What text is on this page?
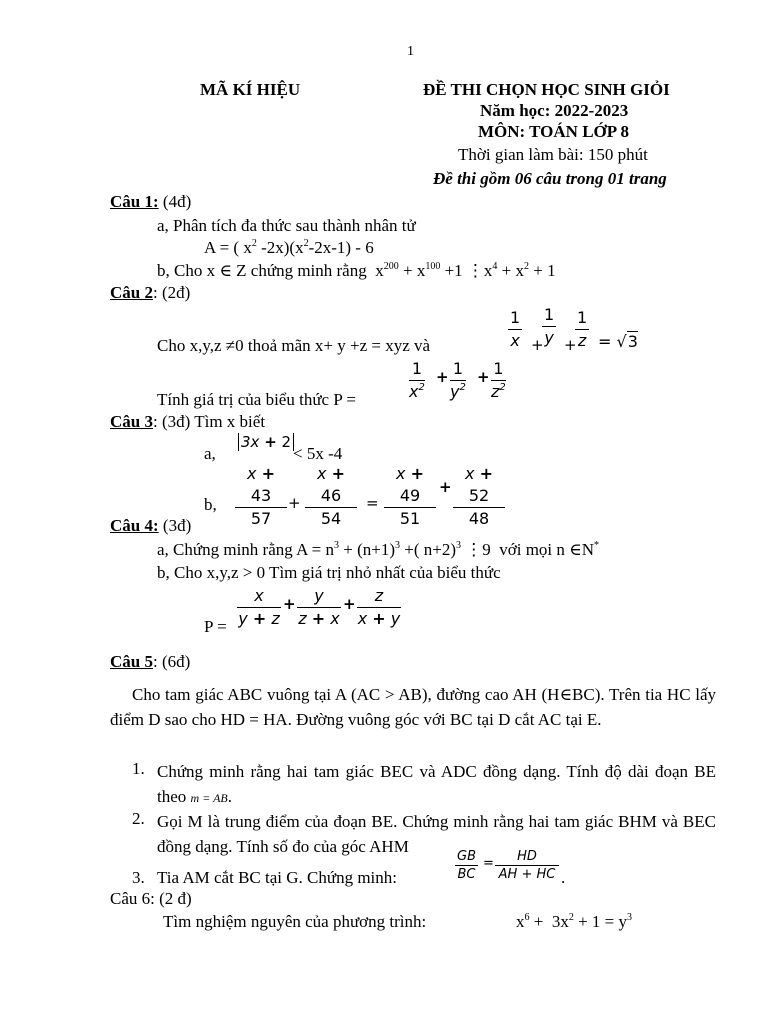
1
MÃ KÍ HIỆU	ĐỀ THI CHỌN HỌC SINH GIỎI
Năm học: 2022-2023
MÔN: TOÁN LỚP 8
Thời gian làm bài: 150 phút
Đề thi gồm 06 câu trong 01 trang
Câu 1: (4đ)
a, Phân tích đa thức sau thành nhân tử
A = ( $x^2$ $-2x)(x^2-2x-1) - 6$
b, Cho x ∈ Z chứng minh rằng  $x^{200} + x^{100} +1$ $⋮x^4 + x^2 + 1$
Câu 2: (2đ)
Cho x,y,z ≠0 thoả mãn x+ y +z = xyz và	$\frac{1}{x}$ +
$\frac{1}{y}$ +
$\frac{1}{z} = √3$
Tính giá trị của biểu thức P =	$\frac{1}{x^2} + \frac{1}{y^2} + \frac{1}{z^2}$
Câu 3: (3đ) Tìm x biết
a,
3x + 2
< 5x -4
b, $\frac{x + 43}{57} + \frac{x + 46}{54} = \frac{x + 49}{51} + \frac{x + 52}{48}$
Câu 4: (3đ)
a, Chứng minh rằng $A = n^3 + (n+1)^3$ +( n+2)$^3$ ⋮9  với mọi n ∈N*
b, Cho x,y,z > 0 Tìm giá trị nhỏ nhất của biểu thức
$P = \frac{x}{y + z} + \frac{y}{z + x} + \frac{z}{x + y}$
Câu 5: (6đ)
Cho tam giác ABC vuông tại A (AC > AB), đường cao AH (H∈BC). Trên tia HC lấy điểm D sao cho HD = HA. Đường vuông góc với BC tại D cắt AC tại E.
1. Chứng minh rằng hai tam giác BEC và ADC đồng dạng. Tính độ dài đoạn BE theo m = AB.
2. Gọi M là trung điểm của đoạn BE. Chứng minh rằng hai tam giác BHM và BEC đồng dạng. Tính số đo của góc AHM
3. Tia AM cắt BC tại G. Chứng minh:	$\frac{GB}{BC} = \frac{HD}{AH + HC}$ .
Câu 6: (2 đ)
Tìm nghiệm nguyên của phương trình:	$x^6 + 3x^2 + 1 = y^3$
